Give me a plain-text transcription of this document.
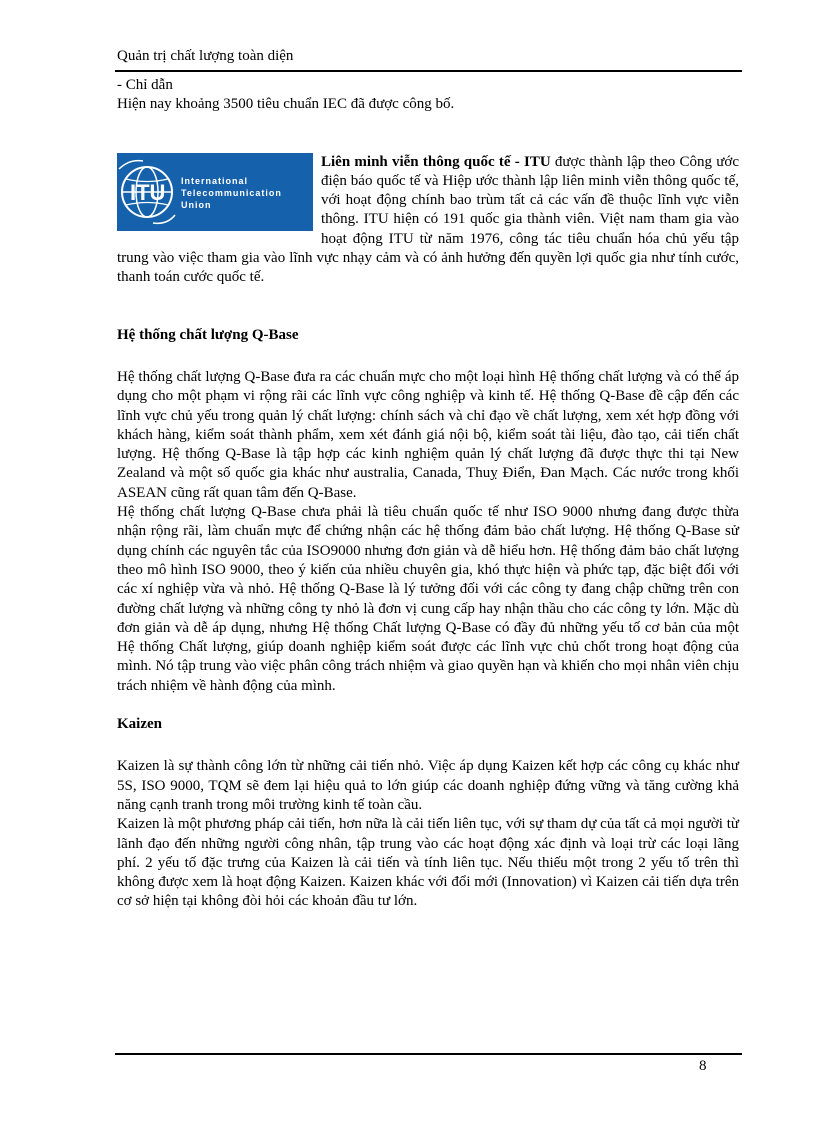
Quản trị chất lượng toàn diện

- Chỉ dẫn

Hiện nay khoảng 3500 tiêu chuẩn IEC đã được công bố.

ITU International
Telecommunication
Union

Liên minh viễn thông quốc tế - ITU được thành lập theo Công ước điện báo quốc tế và Hiệp ước thành lập liên minh viễn thông quốc tế, với hoạt động chính bao trùm tất cả các vấn đề thuộc lĩnh vực viễn thông. ITU hiện có 191 quốc gia thành viên. Việt nam tham gia vào hoạt động ITU từ năm 1976, công tác tiêu chuẩn hóa chủ yếu tập trung vào việc tham gia vào lĩnh vực nhạy cảm và có ảnh hưởng đến quyền lợi quốc gia như tính cước, thanh toán cước quốc tế.

Hệ thống chất lượng Q-Base

Hệ thống chất lượng Q-Base đưa ra các chuẩn mực cho một loại hình Hệ thống chất lượng và có thể áp dụng cho một phạm vi rộng rãi các lĩnh vực công nghiệp và kinh tế. Hệ thống Q-Base đề cập đến các lĩnh vực chủ yếu trong quản lý chất lượng: chính sách và chỉ đạo về chất lượng, xem xét hợp đồng với khách hàng, kiểm soát thành phẩm, xem xét đánh giá nội bộ, kiểm soát tài liệu, đào tạo, cải tiến chất lượng. Hệ thống Q-Base là tập hợp các kinh nghiệm quản lý chất lượng đã được thực thi tại New Zealand và một số quốc gia khác như australia, Canada, Thuỵ Điển, Đan Mạch. Các nước trong khối ASEAN cũng rất quan tâm đến Q-Base.

Hệ thống chất lượng Q-Base chưa phải là tiêu chuẩn quốc tế như ISO 9000 nhưng đang được thừa nhận rộng rãi, làm chuẩn mực để chứng nhận các hệ thống đảm bảo chất lượng. Hệ thống Q-Base sử dụng chính các nguyên tắc của ISO9000 nhưng đơn giản và dễ hiểu hơn. Hệ thống đảm bảo chất lượng theo mô hình ISO 9000, theo ý kiến của nhiều chuyên gia, khó thực hiện và phức tạp, đặc biệt đối với các xí nghiệp vừa và nhỏ. Hệ thống Q-Base là lý tưởng đối với các công ty đang chập chững trên con đường chất lượng và những công ty nhỏ là đơn vị cung cấp hay nhận thầu cho các công ty lớn. Mặc dù đơn giản và dễ áp dụng, nhưng Hệ thống Chất lượng Q-Base có đầy đủ những yếu tố cơ bản của một Hệ thống Chất lượng, giúp doanh nghiệp kiểm soát được các lĩnh vực chủ chốt trong hoạt động của mình. Nó tập trung vào việc phân công trách nhiệm và giao quyền hạn và khiến cho mọi nhân viên chịu trách nhiệm về hành động của mình.

Kaizen

Kaizen là sự thành công lớn từ những cải tiến nhỏ. Việc áp dụng Kaizen kết hợp các công cụ khác như 5S, ISO 9000, TQM sẽ đem lại hiệu quả to lớn giúp các doanh nghiệp đứng vững và tăng cường khả năng cạnh tranh trong môi trường kinh tế toàn cầu.

Kaizen là một phương pháp cải tiến, hơn nữa là cải tiến liên tục, với sự tham dự của tất cả mọi người từ lãnh đạo đến những người công nhân, tập trung vào các hoạt động xác định và loại trừ các loại lãng phí. 2 yếu tố đặc trưng của Kaizen là cải tiến và tính liên tục. Nếu thiếu một trong 2 yếu tố trên thì không được xem là hoạt động Kaizen. Kaizen khác với đổi mới (Innovation) vì Kaizen cải tiến dựa trên cơ sở hiện tại không đòi hỏi các khoản đầu tư lớn.

8
